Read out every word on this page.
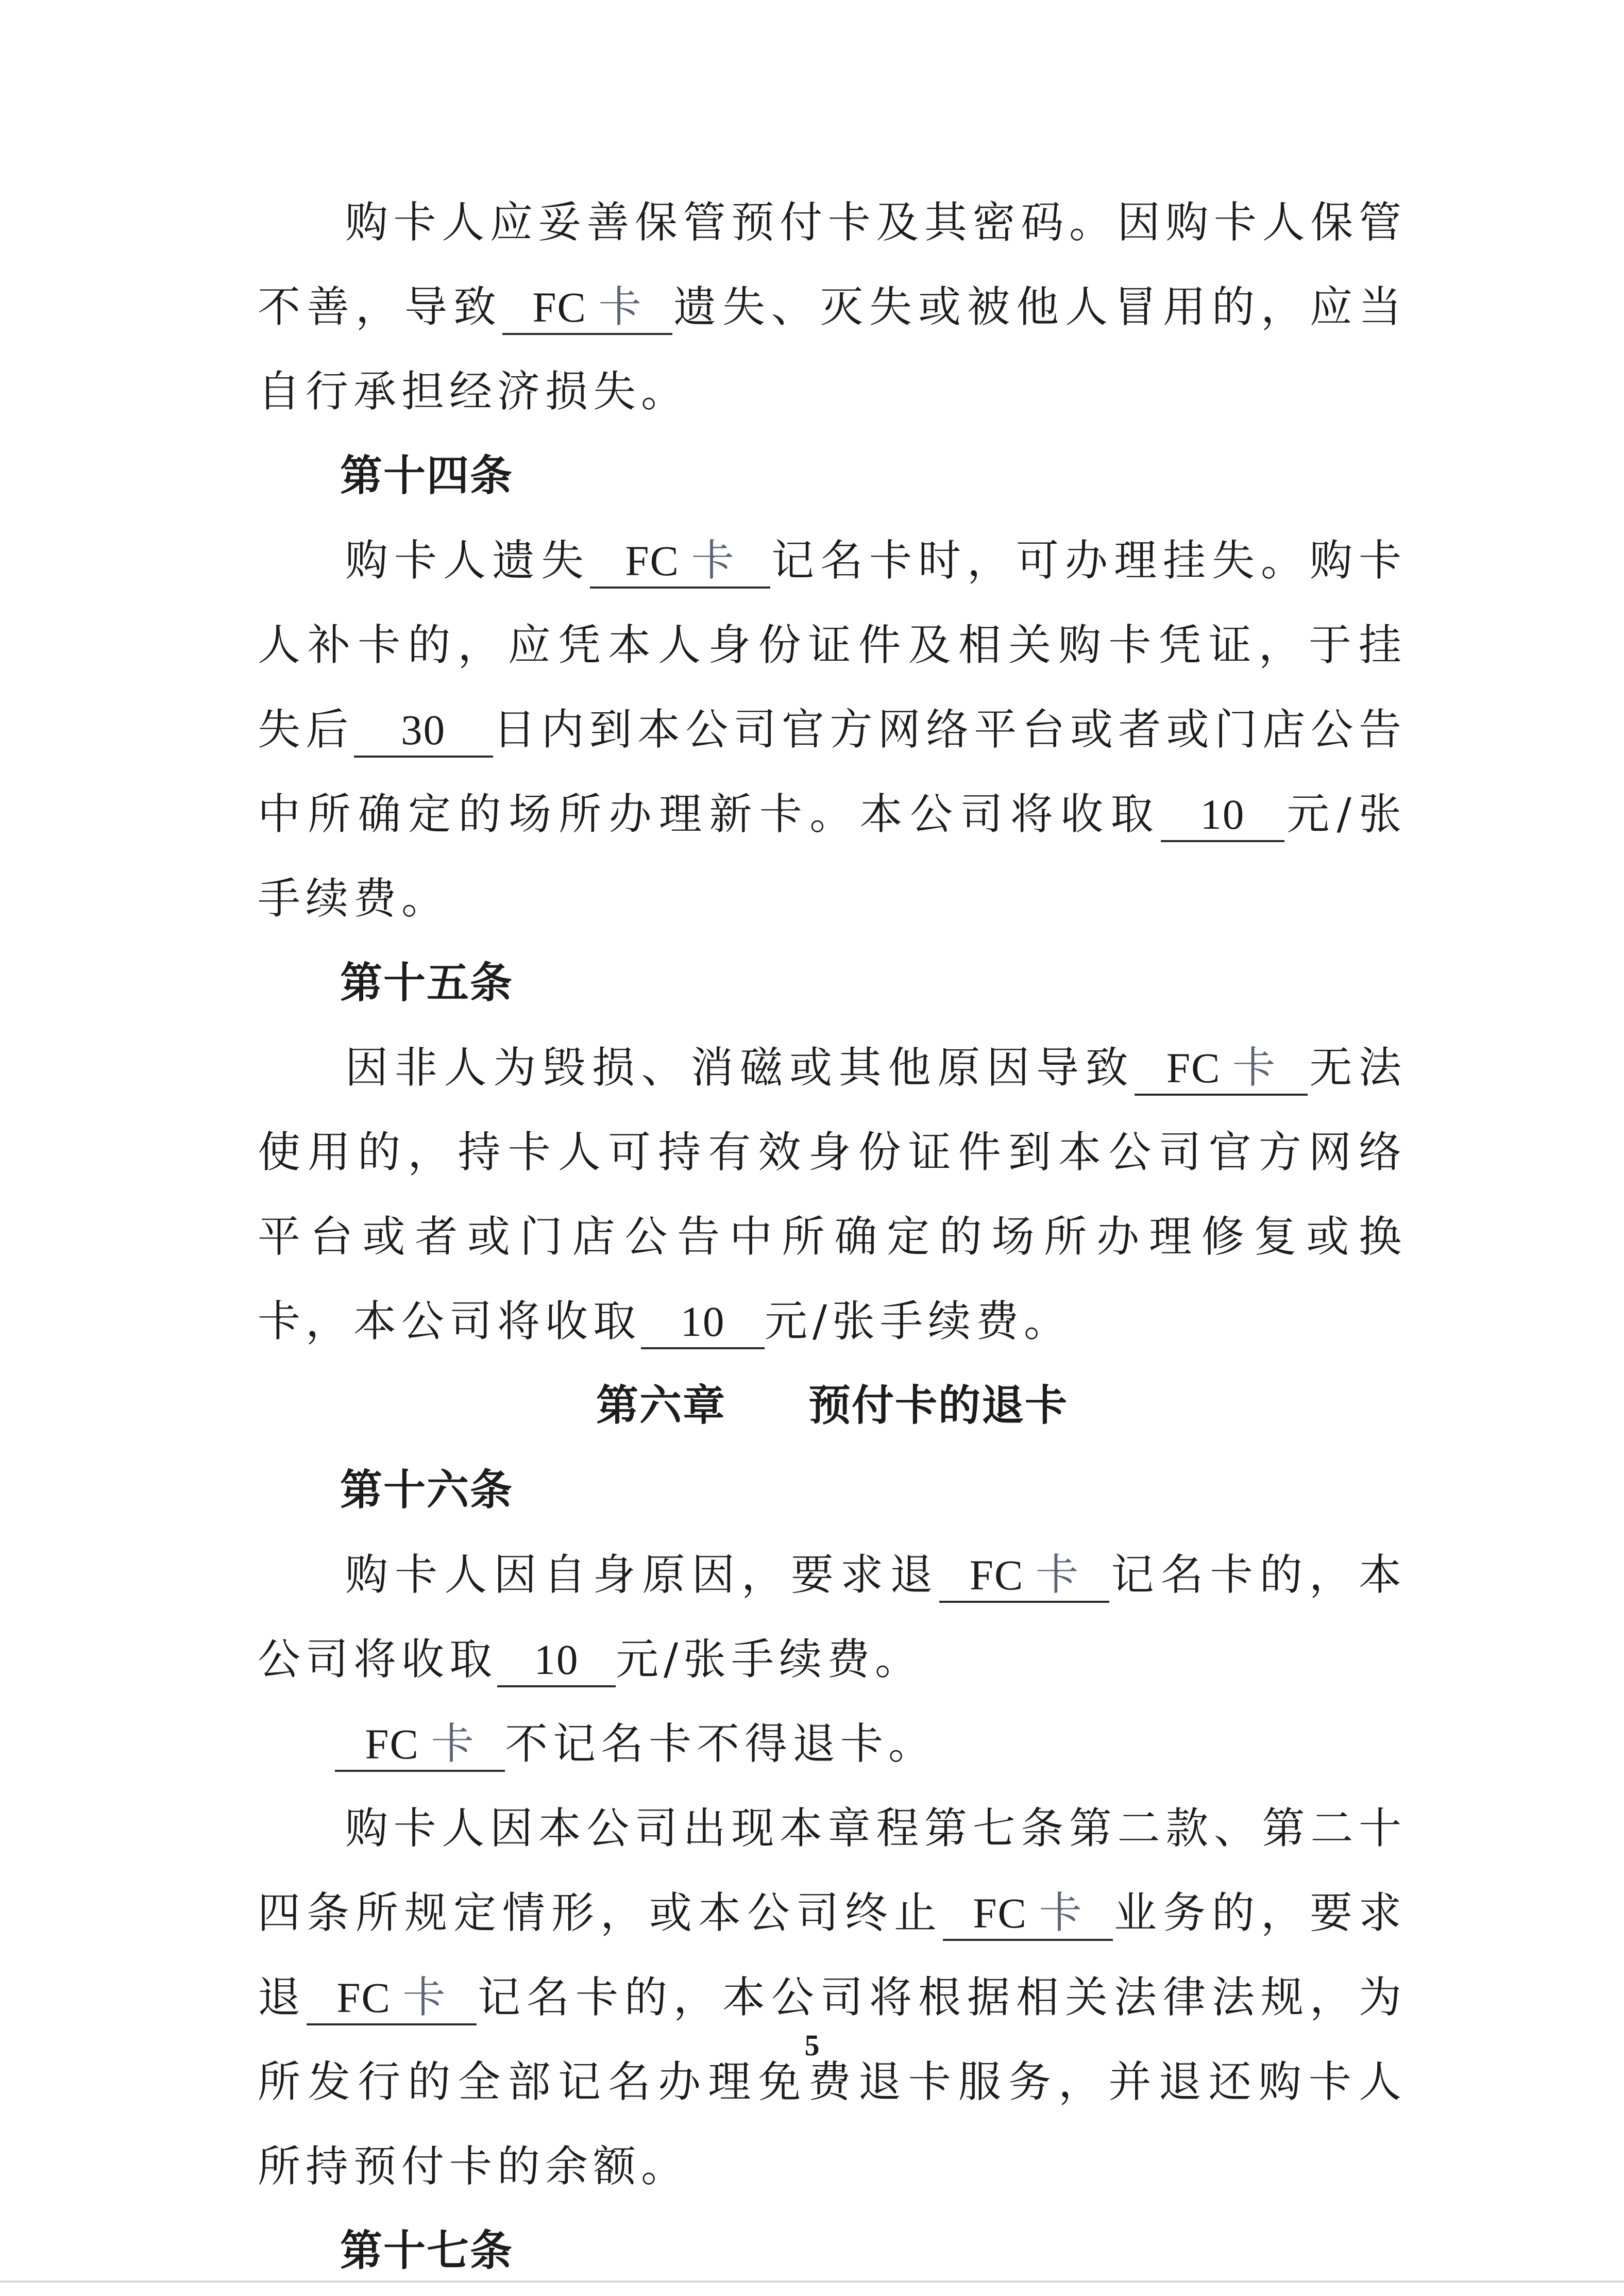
购卡人应妥善保管预付卡及其密码。因购卡人保管不善，导致 FC 卡 遗失、灭失或被他人冒用的，应当自行承担经济损失。

第十四条

购卡人遗失 FC 卡 记名卡时，可办理挂失。购卡人补卡的，应凭本人身份证件及相关购卡凭证，于挂失后 30 日内到本公司官方网络平台或者或门店公告中所确定的场所办理新卡。本公司将收取 10 元/张手续费。

第十五条

因非人为毁损、消磁或其他原因导致 FC 卡 无法使用的，持卡人可持有效身份证件到本公司官方网络平台或者或门店公告中所确定的场所办理修复或换卡，本公司将收取 10 元/张手续费。

第六章 预付卡的退卡

第十六条

购卡人因自身原因，要求退 FC 卡 记名卡的，本公司将收取 10 元/张手续费。

FC 卡 不记名卡不得退卡。

购卡人因本公司出现本章程第七条第二款、第二十四条所规定情形，或本公司终止 FC 卡 业务的，要求退 FC 卡 记名卡的，本公司将根据相关法律法规，为所发行的全部记名办理免费退卡服务，并退还购卡人所持预付卡的余额。

第十七条

5
